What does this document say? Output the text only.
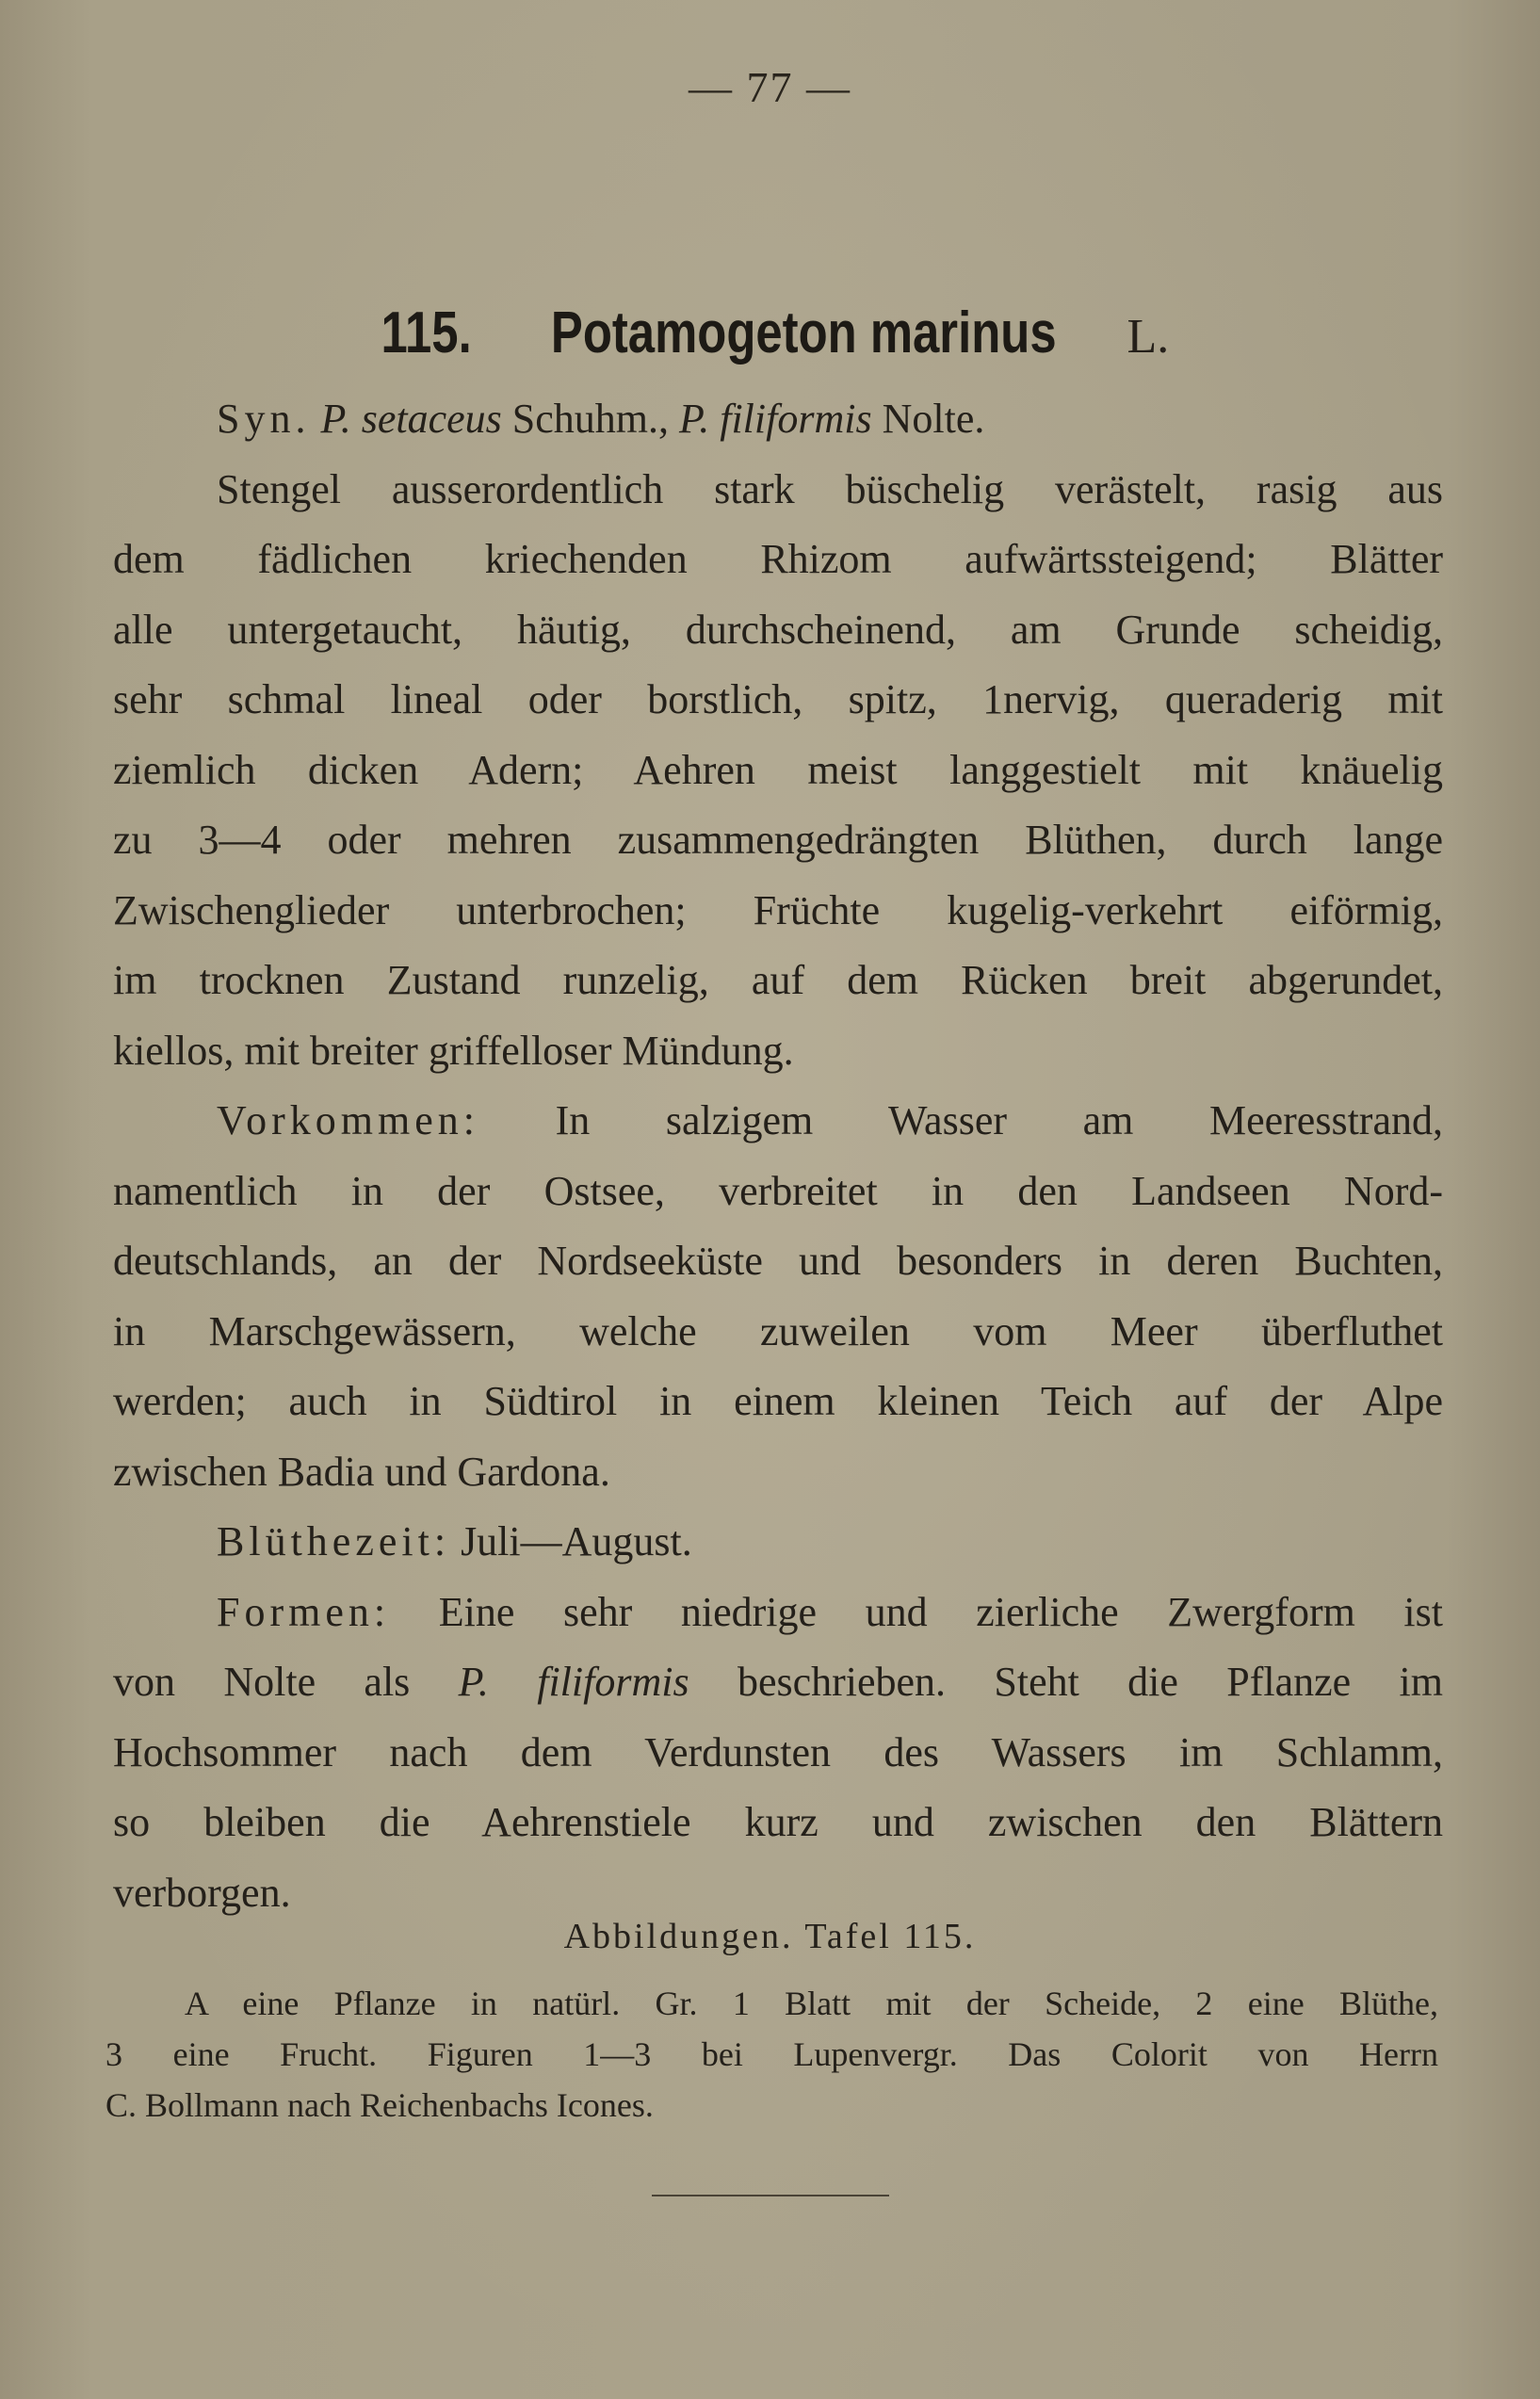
— 77 —
115. Potamogeton marinus L.
Syn. P. setaceus Schuhm., P. filiformis Nolte.
Stengel ausserordentlich stark büschelig verästelt, rasig aus
dem fädlichen kriechenden Rhizom aufwärtssteigend; Blätter
alle untergetaucht, häutig, durchscheinend, am Grunde scheidig,
sehr schmal lineal oder borstlich, spitz, 1nervig, queraderig mit
ziemlich dicken Adern; Aehren meist langgestielt mit knäuelig
zu 3—4 oder mehren zusammengedrängten Blüthen, durch lange
Zwischenglieder unterbrochen; Früchte kugelig-verkehrt eiförmig,
im trocknen Zustand runzelig, auf dem Rücken breit abgerundet,
kiellos, mit breiter griffelloser Mündung.
Vorkommen: In salzigem Wasser am Meeresstrand,
namentlich in der Ostsee, verbreitet in den Landseen Nord-
deutschlands, an der Nordseeküste und besonders in deren Buchten,
in Marschgewässern, welche zuweilen vom Meer überfluthet
werden; auch in Südtirol in einem kleinen Teich auf der Alpe
zwischen Badia und Gardona.
Blüthezeit: Juli—August.
Formen: Eine sehr niedrige und zierliche Zwergform ist
von Nolte als P. filiformis beschrieben. Steht die Pflanze im
Hochsommer nach dem Verdunsten des Wassers im Schlamm,
so bleiben die Aehrenstiele kurz und zwischen den Blättern
verborgen.
Abbildungen. Tafel 115.
A eine Pflanze in natürl. Gr. 1 Blatt mit der Scheide, 2 eine Blüthe,
3 eine Frucht. Figuren 1—3 bei Lupenvergr. Das Colorit von Herrn
C. Bollmann nach Reichenbachs Icones.
